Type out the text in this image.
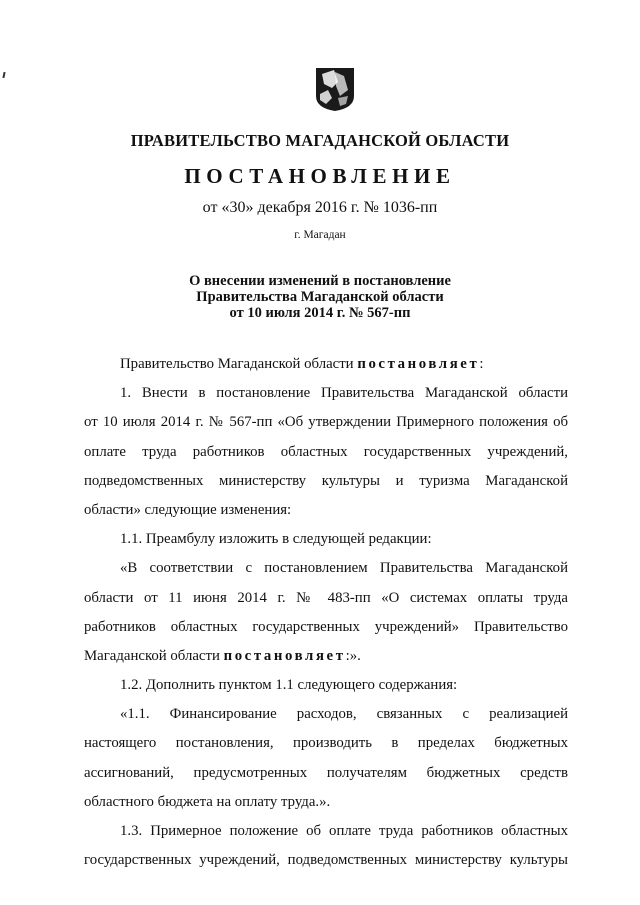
ПРАВИТЕЛЬСТВО МАГАДАНСКОЙ ОБЛАСТИ
ПОСТАНОВЛЕНИЕ
от «30» декабря 2016 г. № 1036-пп
г. Магадан
О внесении изменений в постановление
Правительства Магаданской области
от 10 июля 2014 г. № 567-пп
Правительство Магаданской области постановляет:
1. Внести в постановление Правительства Магаданской области
от 10 июля 2014 г. № 567-пп «Об утверждении Примерного положения об
оплате труда работников областных государственных учреждений,
подведомственных министерству культуры и туризма Магаданской
области» следующие изменения:
1.1. Преамбулу изложить в следующей редакции:
«В соответствии с постановлением Правительства Магаданской
области от 11 июня 2014 г. № 483-пп «О системах оплаты труда
работников областных государственных учреждений» Правительство
Магаданской области постановляет:».
1.2. Дополнить пунктом 1.1 следующего содержания:
«1.1. Финансирование расходов, связанных с реализацией
настоящего постановления, производить в пределах бюджетных
ассигнований, предусмотренных получателям бюджетных средств
областного бюджета на оплату труда.».
1.3. Примерное положение об оплате труда работников областных
государственных учреждений, подведомственных министерству культуры
